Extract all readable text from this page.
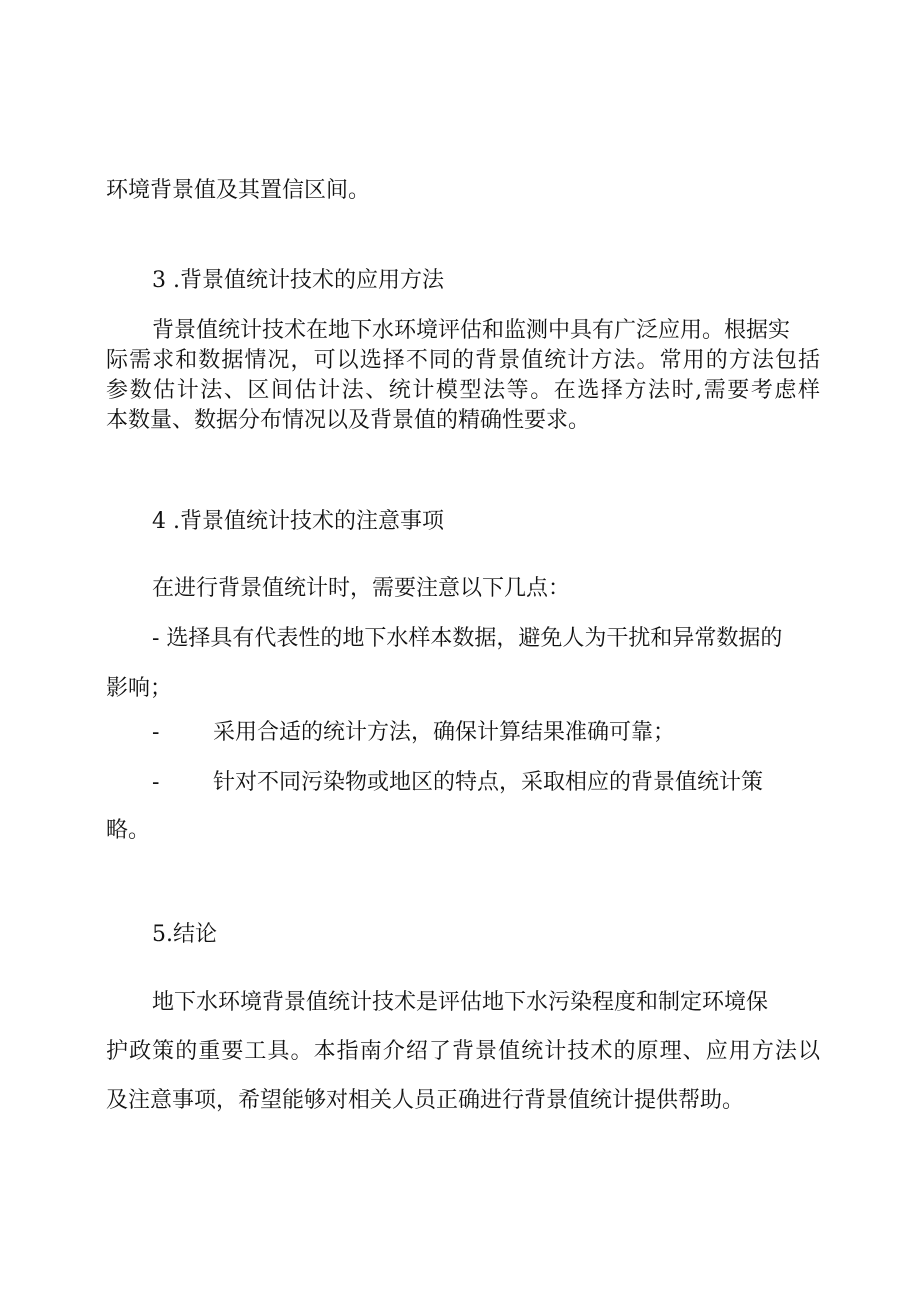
环境背景值及其置信区间。
3 .背景值统计技术的应用方法
背景值统计技术在地下水环境评估和监测中具有广泛应用。根据实
际需求和数据情况，可以选择不同的背景值统计方法。常用的方法包括
参数估计法、区间估计法、统计模型法等。在选择方法时,需要考虑样
本数量、数据分布情况以及背景值的精确性要求。
4 .背景值统计技术的注意事项
在进行背景值统计时，需要注意以下几点：
- 选择具有代表性的地下水样本数据，避免人为干扰和异常数据的
影响；
- 采用合适的统计方法，确保计算结果准确可靠；
- 针对不同污染物或地区的特点，采取相应的背景值统计策
略。
5.结论
地下水环境背景值统计技术是评估地下水污染程度和制定环境保
护政策的重要工具。本指南介绍了背景值统计技术的原理、应用方法以
及注意事项，希望能够对相关人员正确进行背景值统计提供帮助。
